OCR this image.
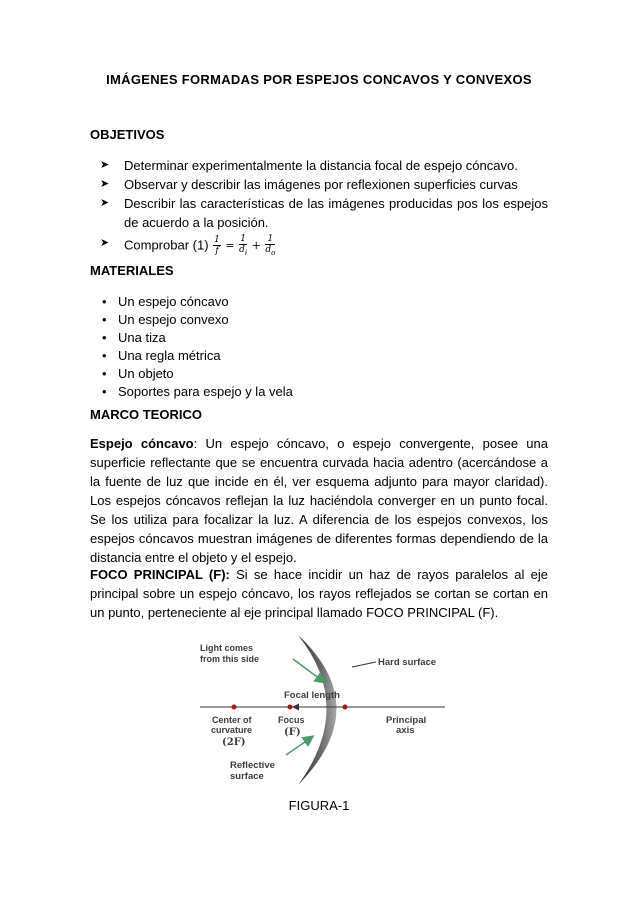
IMÁGENES FORMADAS POR ESPEJOS CONCAVOS Y CONVEXOS
OBJETIVOS
➤ Determinar experimentalmente la distancia focal de espejo cóncavo.
➤ Observar y describir las imágenes por reflexionen superficies curvas
➤ Describir las características de las imágenes producidas pos los espejos de acuerdo a la posición.
➤ Comprobar $(1) \frac{1}{f} = \frac{1}{d_i} + \frac{1}{d_o}$
MATERIALES
• Un espejo cóncavo
• Un espejo convexo
• Una tiza
• Una regla métrica
• Un objeto
• Soportes para espejo y la vela
MARCO TEORICO

Espejo cóncavo: Un espejo cóncavo, o espejo convergente, posee una superficie reflectante que se encuentra curvada hacia adentro (acercándose a la fuente de luz que incide en él, ver esquema adjunto para mayor claridad). Los espejos cóncavos reflejan la luz haciéndola converger en un punto focal. Se los utiliza para focalizar la luz. A diferencia de los espejos convexos, los espejos cóncavos muestran imágenes de diferentes formas dependiendo de la distancia entre el objeto y el espejo.

FOCO PRINCIPAL (F): Si se hace incidir un haz de rayos paralelos al eje principal sobre un espejo cóncavo, los rayos reflejados se cortan se cortan en un punto, perteneciente al eje principal llamado FOCO PRINCIPAL (F).

Light comes
from this side	Hard surface
Focal length
Center of
curvature
(2F)
Focus
(F)
Principal
axis
Reflective
surface
FIGURA-1
